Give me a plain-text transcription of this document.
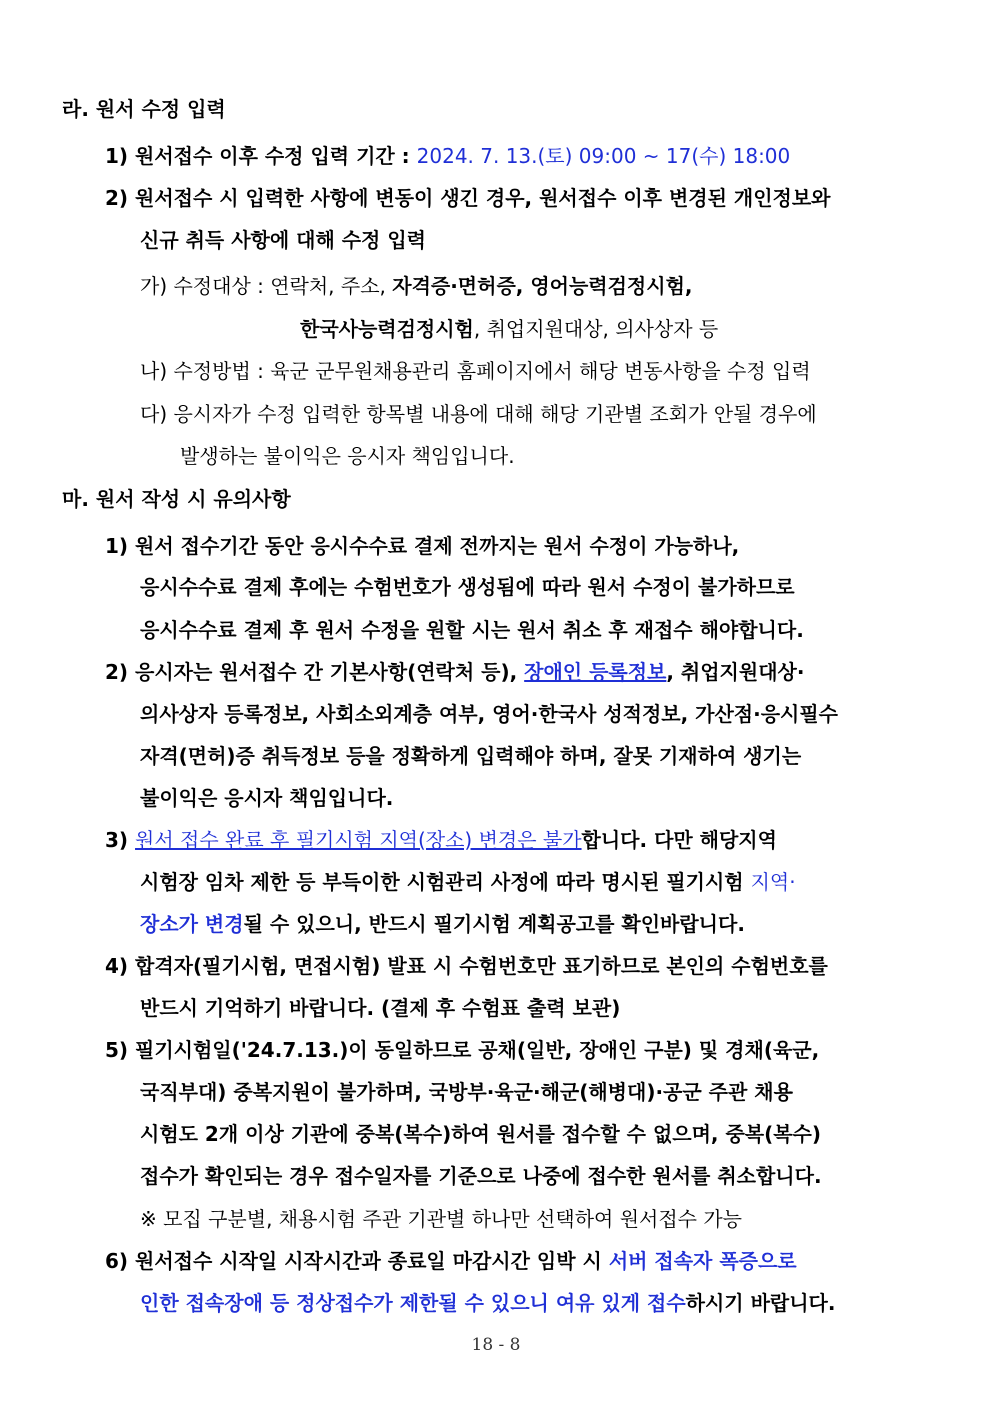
라. 원서 수정 입력
1) 원서접수 이후 수정 입력 기간 : 2024. 7. 13.(토) 09:00 ~ 17(수) 18:00
2) 원서접수 시 입력한 사항에 변동이 생긴 경우, 원서접수 이후 변경된 개인정보와
신규 취득 사항에 대해 수정 입력
가) 수정대상 : 연락처, 주소, 자격증·면허증, 영어능력검정시험,
한국사능력검정시험, 취업지원대상, 의사상자 등
나) 수정방법 : 육군 군무원채용관리 홈페이지에서 해당 변동사항을 수정 입력
다) 응시자가 수정 입력한 항목별 내용에 대해 해당 기관별 조회가 안될 경우에
발생하는 불이익은 응시자 책임입니다.
마. 원서 작성 시 유의사항
1) 원서 접수기간 동안 응시수수료 결제 전까지는 원서 수정이 가능하나,
응시수수료 결제 후에는 수험번호가 생성됨에 따라 원서 수정이 불가하므로
응시수수료 결제 후 원서 수정을 원할 시는 원서 취소 후 재접수 해야합니다.
2) 응시자는 원서접수 간 기본사항(연락처 등), 장애인 등록정보, 취업지원대상·
의사상자 등록정보, 사회소외계층 여부, 영어·한국사 성적정보, 가산점·응시필수
자격(면허)증 취득정보 등을 정확하게 입력해야 하며, 잘못 기재하여 생기는
불이익은 응시자 책임입니다.
3) 원서 접수 완료 후 필기시험 지역(장소) 변경은 불가합니다. 다만 해당지역
시험장 임차 제한 등 부득이한 시험관리 사정에 따라 명시된 필기시험 지역·
장소가 변경될 수 있으니, 반드시 필기시험 계획공고를 확인바랍니다.
4) 합격자(필기시험, 면접시험) 발표 시 수험번호만 표기하므로 본인의 수험번호를
반드시 기억하기 바랍니다. (결제 후 수험표 출력 보관)
5) 필기시험일('24.7.13.)이 동일하므로 공채(일반, 장애인 구분) 및 경채(육군,
국직부대) 중복지원이 불가하며, 국방부·육군·해군(해병대)·공군 주관 채용
시험도 2개 이상 기관에 중복(복수)하여 원서를 접수할 수 없으며, 중복(복수)
접수가 확인되는 경우 접수일자를 기준으로 나중에 접수한 원서를 취소합니다.
※ 모집 구분별, 채용시험 주관 기관별 하나만 선택하여 원서접수 가능
6) 원서접수 시작일 시작시간과 종료일 마감시간 임박 시 서버 접속자 폭증으로
인한 접속장애 등 정상접수가 제한될 수 있으니 여유 있게 접수하시기 바랍니다.
18 - 8
